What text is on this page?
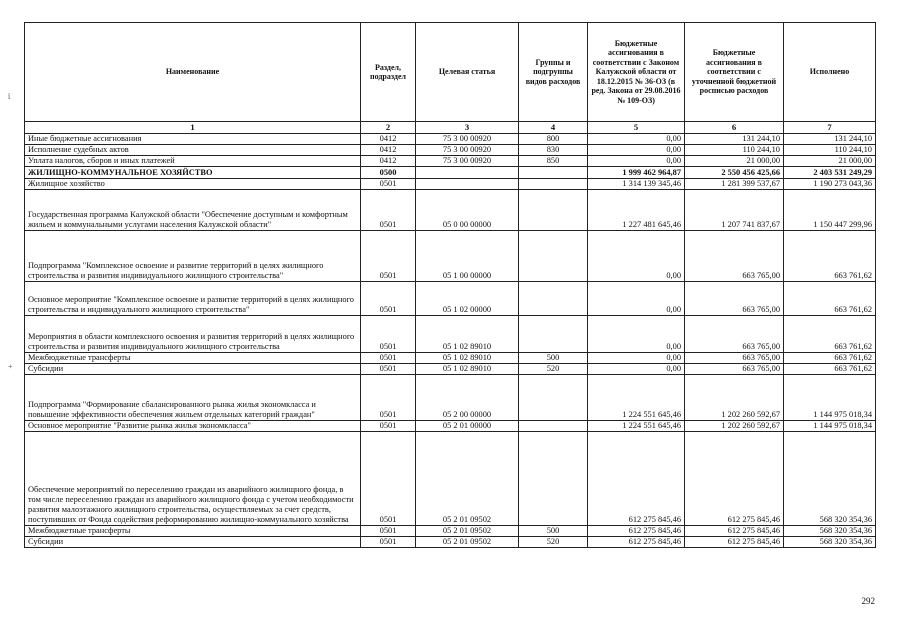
ї
+
Наименование	Раздел, подраздел	Целевая статья	Группы и подгруппы видов расходов	Бюджетные ассигнования в соответствии с Законом Калужской области от 18.12.2015 № 36-ОЗ (в ред. Закона от 29.08.2016 № 109-ОЗ)	Бюджетные ассигнования в соответствии с уточненной бюджетной росписью расходов	Исполнено
1	2	3	4	5	6	7
Иные бюджетные ассигнования	0412	75 3 00 00920	800	0,00	131 244,10	131 244,10
Исполнение судебных актов	0412	75 3 00 00920	830	0,00	110 244,10	110 244,10
Уплата налогов, сборов и иных платежей	0412	75 3 00 00920	850	0,00	21 000,00	21 000,00
ЖИЛИЩНО-КОММУНАЛЬНОЕ ХОЗЯЙСТВО	0500			1 999 462 964,87	2 550 456 425,66	2 403 531 249,29
Жилищное хозяйство	0501			1 314 139 345,46	1 281 399 537,67	1 190 273 043,36
Государственная программа Калужской области "Обеспечение доступным и комфортным жильем и коммунальными услугами населения Калужской области"	0501	05 0 00 00000		1 227 481 645,46	1 207 741 837,67	1 150 447 299,96
Подпрограмма "Комплексное освоение и развитие территорий в целях жилищного строительства и развития индивидуального жилищного строительства"	0501	05 1 00 00000		0,00	663 765,00	663 761,62
Основное мероприятие "Комплексное освоение и развитие территорий в целях жилищного строительства и индивидуального жилищного строительства"	0501	05 1 02 00000		0,00	663 765,00	663 761,62
Мероприятия в области комплексного освоения и развития территорий в целях жилищного строительства и развития индивидуального жилищного строительства	0501	05 1 02 89010		0,00	663 765,00	663 761,62
Межбюджетные трансферты	0501	05 1 02 89010	500	0,00	663 765,00	663 761,62
Субсидии	0501	05 1 02 89010	520	0,00	663 765,00	663 761,62
Подпрограмма "Формирование сбалансированного рынка жилья экономкласса и повышение эффективности обеспечения жильем отдельных категорий граждан"	0501	05 2 00 00000		1 224 551 645,46	1 202 260 592,67	1 144 975 018,34
Основное мероприятие "Развитие рынка жилья экономкласса"	0501	05 2 01 00000		1 224 551 645,46	1 202 260 592,67	1 144 975 018,34
Обеспечение мероприятий по переселению граждан из аварийного жилищного фонда, в том числе переселению граждан из аварийного жилищного фонда с учетом необходимости развития малоэтажного жилищного строительства, осуществляемых за счет средств, поступивших от Фонда содействия реформированию жилищно-коммунального хозяйства	0501	05 2 01 09502		612 275 845,46	612 275 845,46	568 320 354,36
Межбюджетные трансферты	0501	05 2 01 09502	500	612 275 845,46	612 275 845,46	568 320 354,36
Субсидии	0501	05 2 01 09502	520	612 275 845,46	612 275 845,46	568 320 354,36
292
